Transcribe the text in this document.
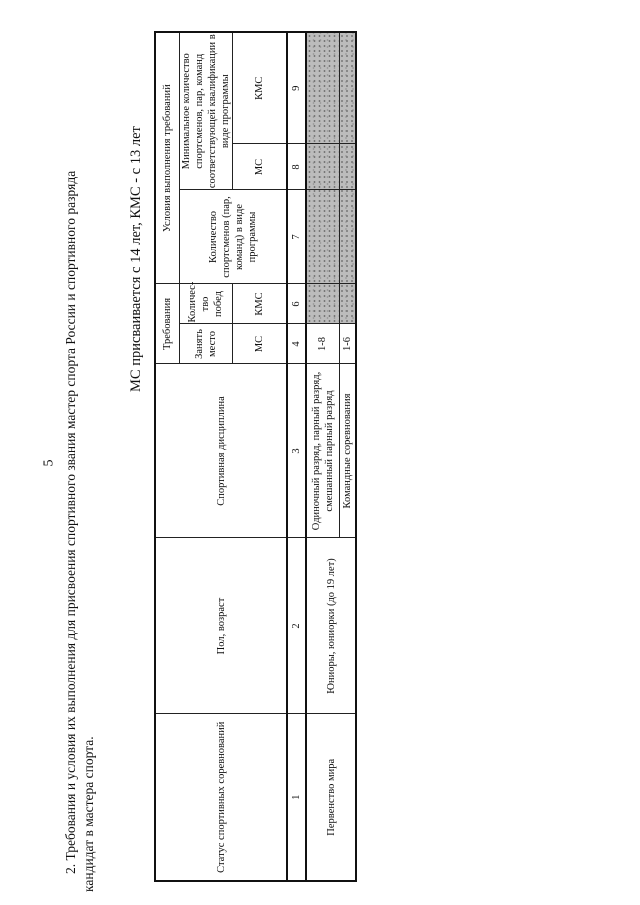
5 2. Требования и условия их выполнения для присвоения спортивного звания мастер спорта России и спортивного разряда кандидат в мастера спорта.
МС присваивается с 14 лет, КМС - с 13 лет
Статус спортивных соревнований	Пол, возраст	Спортивная дисциплина	Требования		Условия выполнения требований		
			Занять место	Количес-тво побед	Количество спортсменов (пар, команд) в виде программы	Минимальное количество спортсменов, пар, команд соответствующей квалификации в виде программы	
			МС	КМС		МС	КМС
1	2	3	4	6	7	8	9
Первенство мира	Юниоры, юниорки (до 19 лет)	Одиночный разряд, парный разряд, смешанный парный разряд	1-8				
		Командные соревнования	1-6				
